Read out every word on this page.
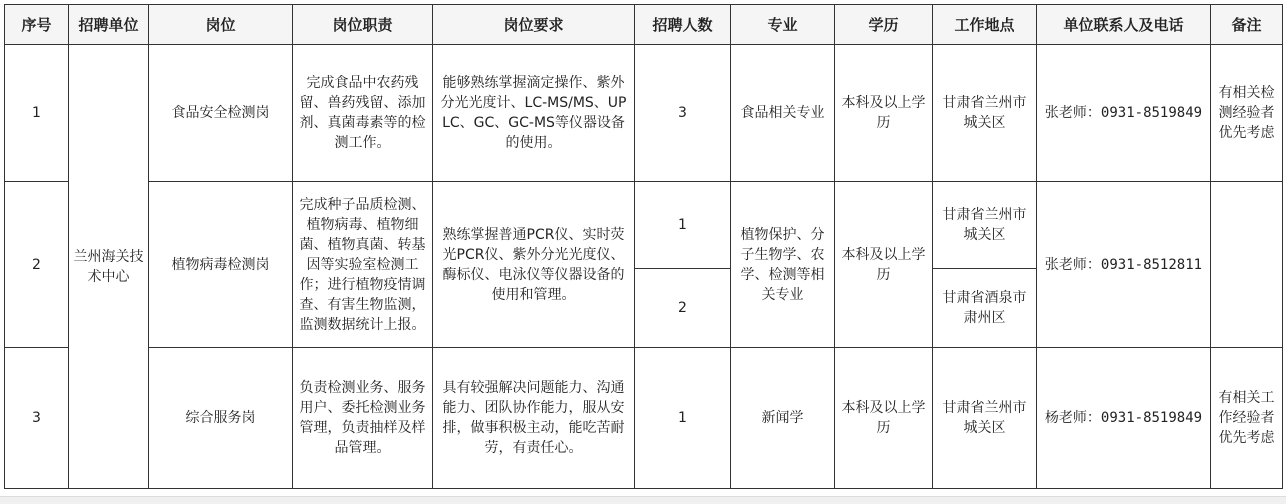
序号	招聘单位	岗位	岗位职责	岗位要求	招聘人数	专业	学历	工作地点	单位联系人及电话	备注
1	兰州海关技术中心	食品安全检测岗	完成食品中农药残留、兽药残留、添加剂、真菌毒素等的检测工作。	能够熟练掌握滴定操作、紫外分光光度计、LC-MS/MS、UPLC、GC、GC-MS等仪器设备的使用。	3	食品相关专业	本科及以上学历	甘肃省兰州市城关区	张老师：0931-8519849	有相关检测经验者优先考虑
2		植物病毒检测岗	完成种子品质检测、植物病毒、植物细菌、植物真菌、转基因等实验室检测工作；进行植物疫情调查、有害生物监测，监测数据统计上报。	熟练掌握普通PCR仪、实时荧光PCR仪、紫外分光光度仪、酶标仪、电泳仪等仪器设备的使用和管理。	1	植物保护、分子生物学、农学、检测等相关专业	本科及以上学历	甘肃省兰州市城关区	张老师：0931-8512811	
					2			甘肃省酒泉市肃州区		
3		综合服务岗	负责检测业务、服务用户、委托检测业务管理，负责抽样及样品管理。	具有较强解决问题能力、沟通能力、团队协作能力，服从安排，做事积极主动，能吃苦耐劳，有责任心。	1	新闻学	本科及以上学历	甘肃省兰州市城关区	杨老师：0931-8519849	有相关工作经验者优先考虑
